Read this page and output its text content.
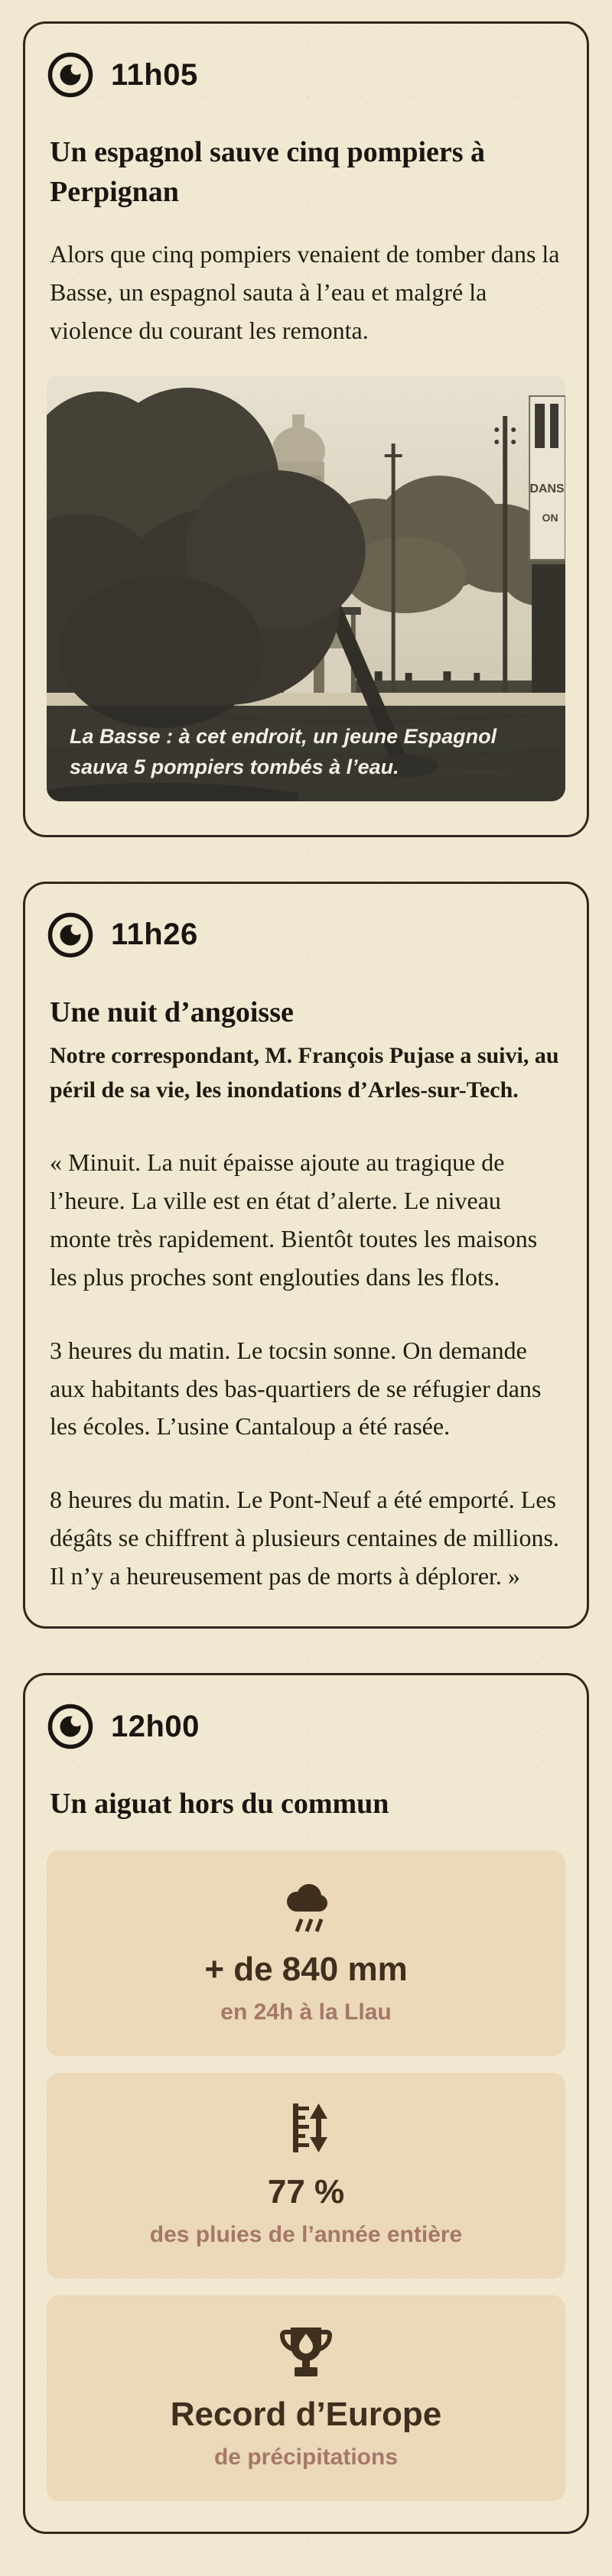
11h05
Un espagnol sauve cinq pompiers à Perpignan

Alors que cinq pompiers venaient de tomber dans la Basse, un espagnol sauta à l’eau et malgré la violence du courant les remonta.

DANS
ON
La Basse : à cet endroit, un jeune Espagnol sauva 5 pompiers tombés à l’eau.
11h26
Une nuit d’angoisse

Notre correspondant, M. François Pujase a suivi, au péril de sa vie, les inondations d’Arles-sur-Tech.

« Minuit. La nuit épaisse ajoute au tragique de l’heure. La ville est en état d’alerte. Le niveau monte très rapidement. Bientôt toutes les maisons les plus proches sont englouties dans les flots.

3 heures du matin. Le tocsin sonne. On demande aux habitants des bas-quartiers de se réfugier dans les écoles. L’usine Cantaloup a été rasée.

8 heures du matin. Le Pont-Neuf a été emporté. Les dégâts se chiffrent à plusieurs centaines de millions. Il n’y a heureusement pas de morts à déplorer. »

12h00
Un aiguat hors du commun
+ de 840 mm
en 24h à la Llau
77 %
des pluies de l’année entière
Record d’Europe
de précipitations
